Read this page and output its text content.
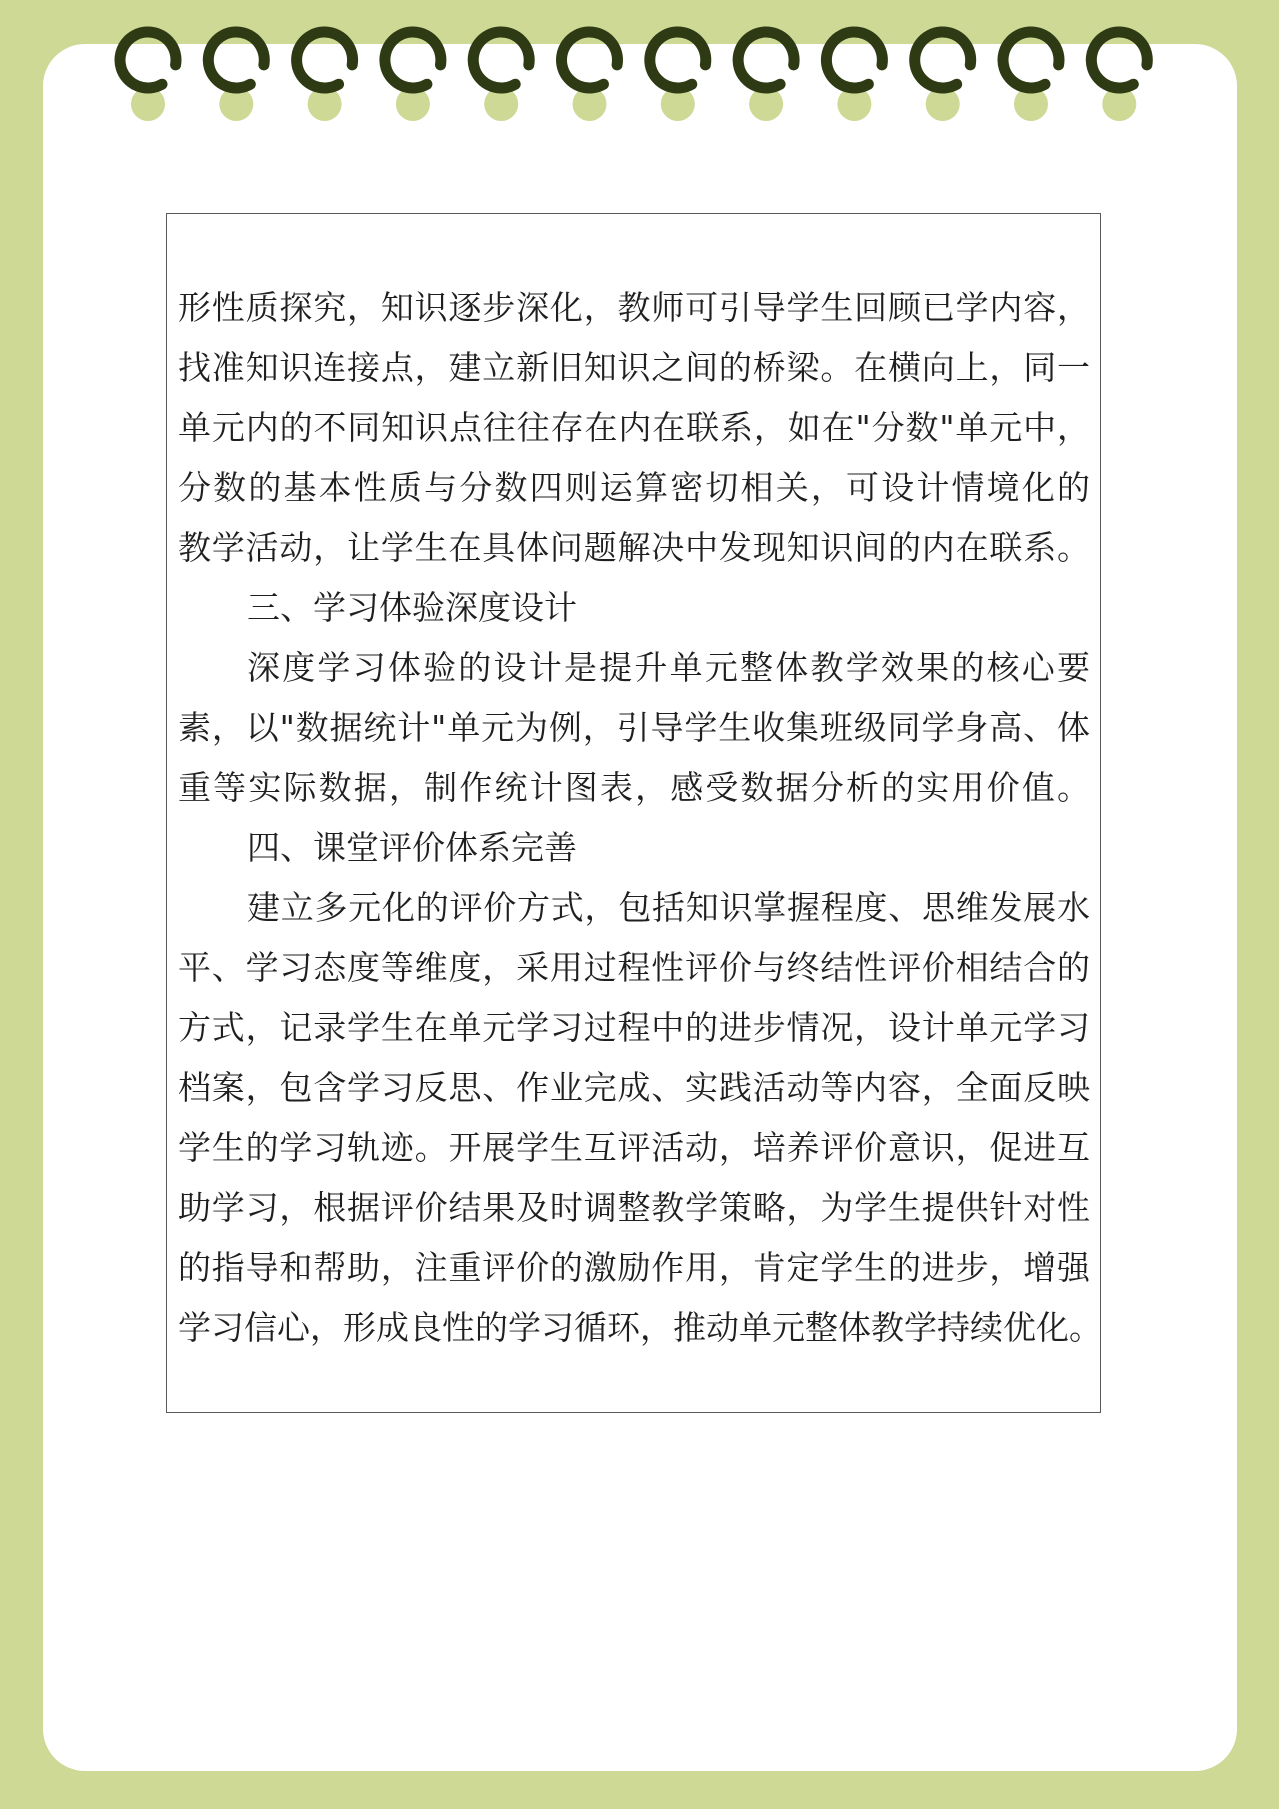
形性质探究，知识逐步深化，教师可引导学生回顾已学内容，
找准知识连接点，建立新旧知识之间的桥梁。在横向上，同一
单元内的不同知识点往往存在内在联系，如在"分数"单元中，
分数的基本性质与分数四则运算密切相关，可设计情境化的
教学活动，让学生在具体问题解决中发现知识间的内在联系。
三、学习体验深度设计
深度学习体验的设计是提升单元整体教学效果的核心要
素，以"数据统计"单元为例，引导学生收集班级同学身高、体
重等实际数据，制作统计图表，感受数据分析的实用价值。
四、课堂评价体系完善
建立多元化的评价方式，包括知识掌握程度、思维发展水
平、学习态度等维度，采用过程性评价与终结性评价相结合的
方式，记录学生在单元学习过程中的进步情况，设计单元学习
档案，包含学习反思、作业完成、实践活动等内容，全面反映
学生的学习轨迹。开展学生互评活动，培养评价意识，促进互
助学习，根据评价结果及时调整教学策略，为学生提供针对性
的指导和帮助，注重评价的激励作用，肯定学生的进步，增强
学习信心，形成良性的学习循环，推动单元整体教学持续优化。
